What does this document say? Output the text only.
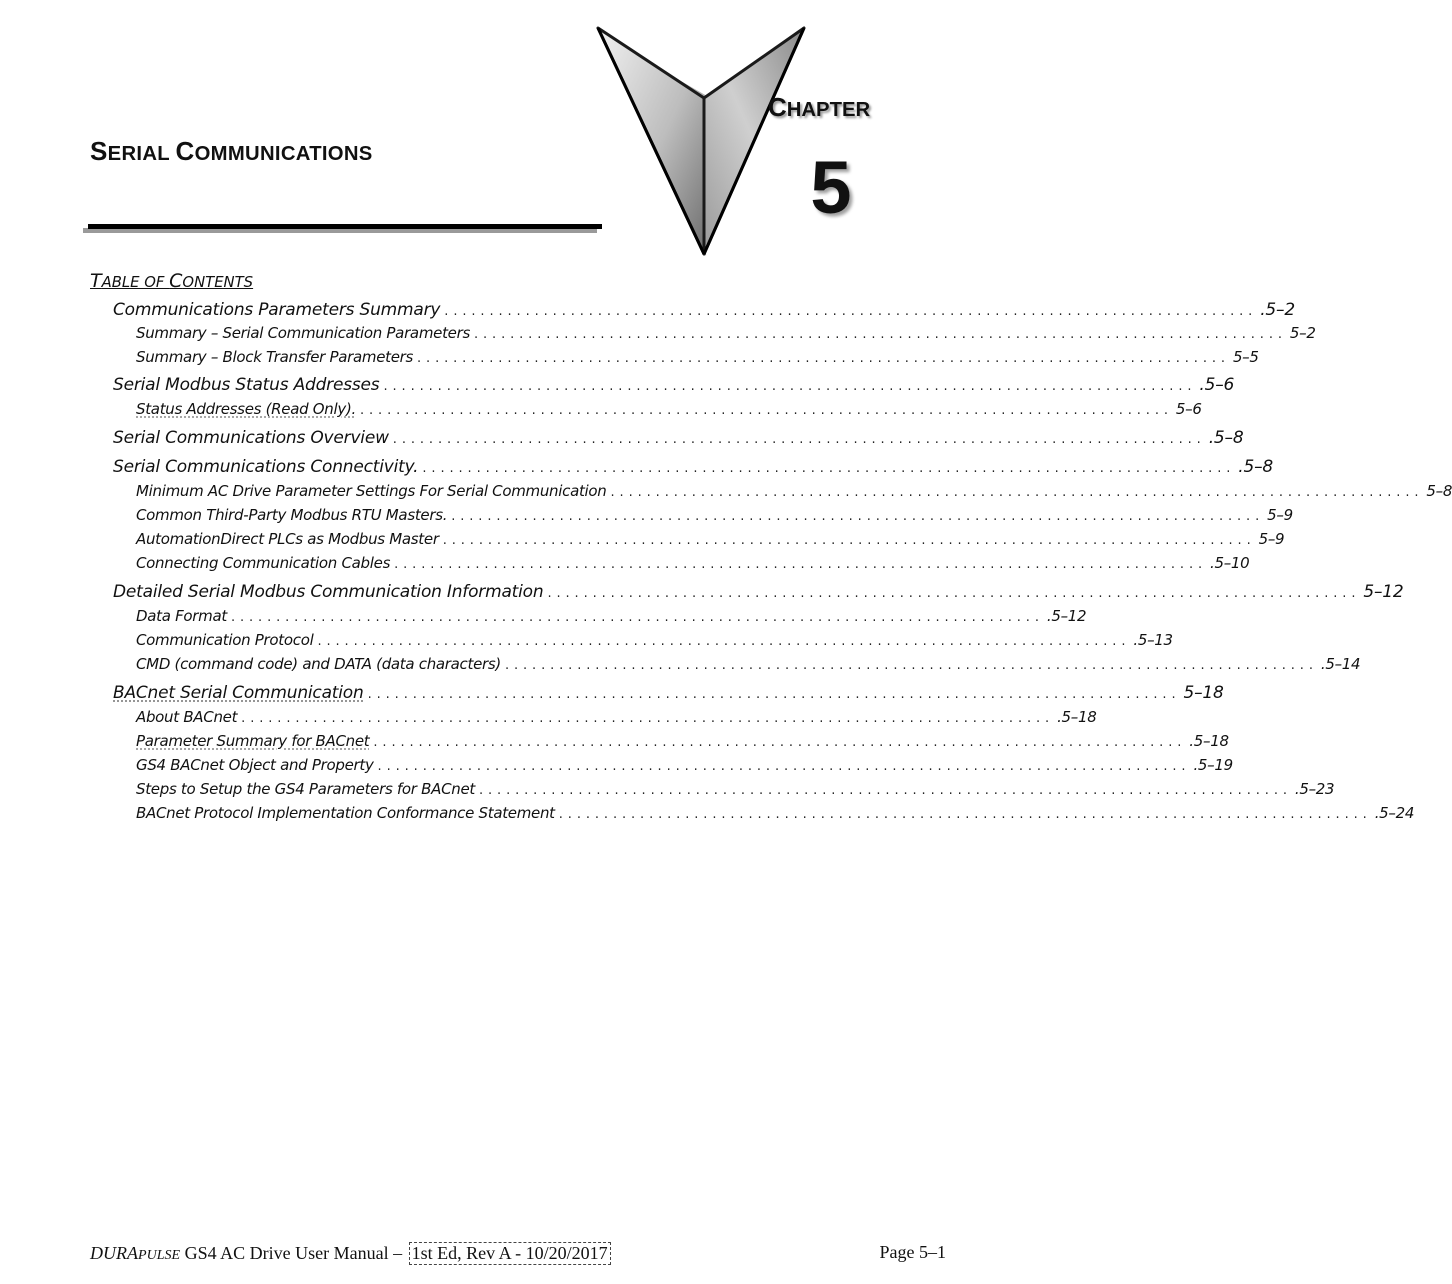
SERIAL COMMUNICATIONS
CHAPTER
5
TABLE OF CONTENTS
Communications Parameters Summary .......................................................................................... .5–2
Summary – Serial Communication Parameters .......................................................................................... 5–2
Summary – Block Transfer Parameters .......................................................................................... 5–5
Serial Modbus Status Addresses .......................................................................................... .5–6
Status Addresses (Read Only). .......................................................................................... 5–6
Serial Communications Overview .......................................................................................... .5–8
Serial Communications Connectivity. .......................................................................................... .5–8
Minimum AC Drive Parameter Settings For Serial Communication .......................................................................................... 5–8
Common Third-Party Modbus RTU Masters. .......................................................................................... 5–9
AutomationDirect PLCs as Modbus Master .......................................................................................... 5–9
Connecting Communication Cables .......................................................................................... .5–10
Detailed Serial Modbus Communication Information .......................................................................................... 5–12
Data Format .......................................................................................... .5–12
Communication Protocol .......................................................................................... .5–13
CMD (command code) and DATA (data characters) .......................................................................................... .5–14
BACnet Serial Communication .......................................................................................... 5–18
About BACnet .......................................................................................... .5–18
Parameter Summary for BACnet .......................................................................................... .5–18
GS4 BACnet Object and Property .......................................................................................... .5–19
Steps to Setup the GS4 Parameters for BACnet .......................................................................................... .5–23
BACnet Protocol Implementation Conformance Statement .......................................................................................... .5–24
DURAPULSE GS4 AC Drive User Manual – 1st Ed, Rev A - 10/20/2017	Page 5–1
